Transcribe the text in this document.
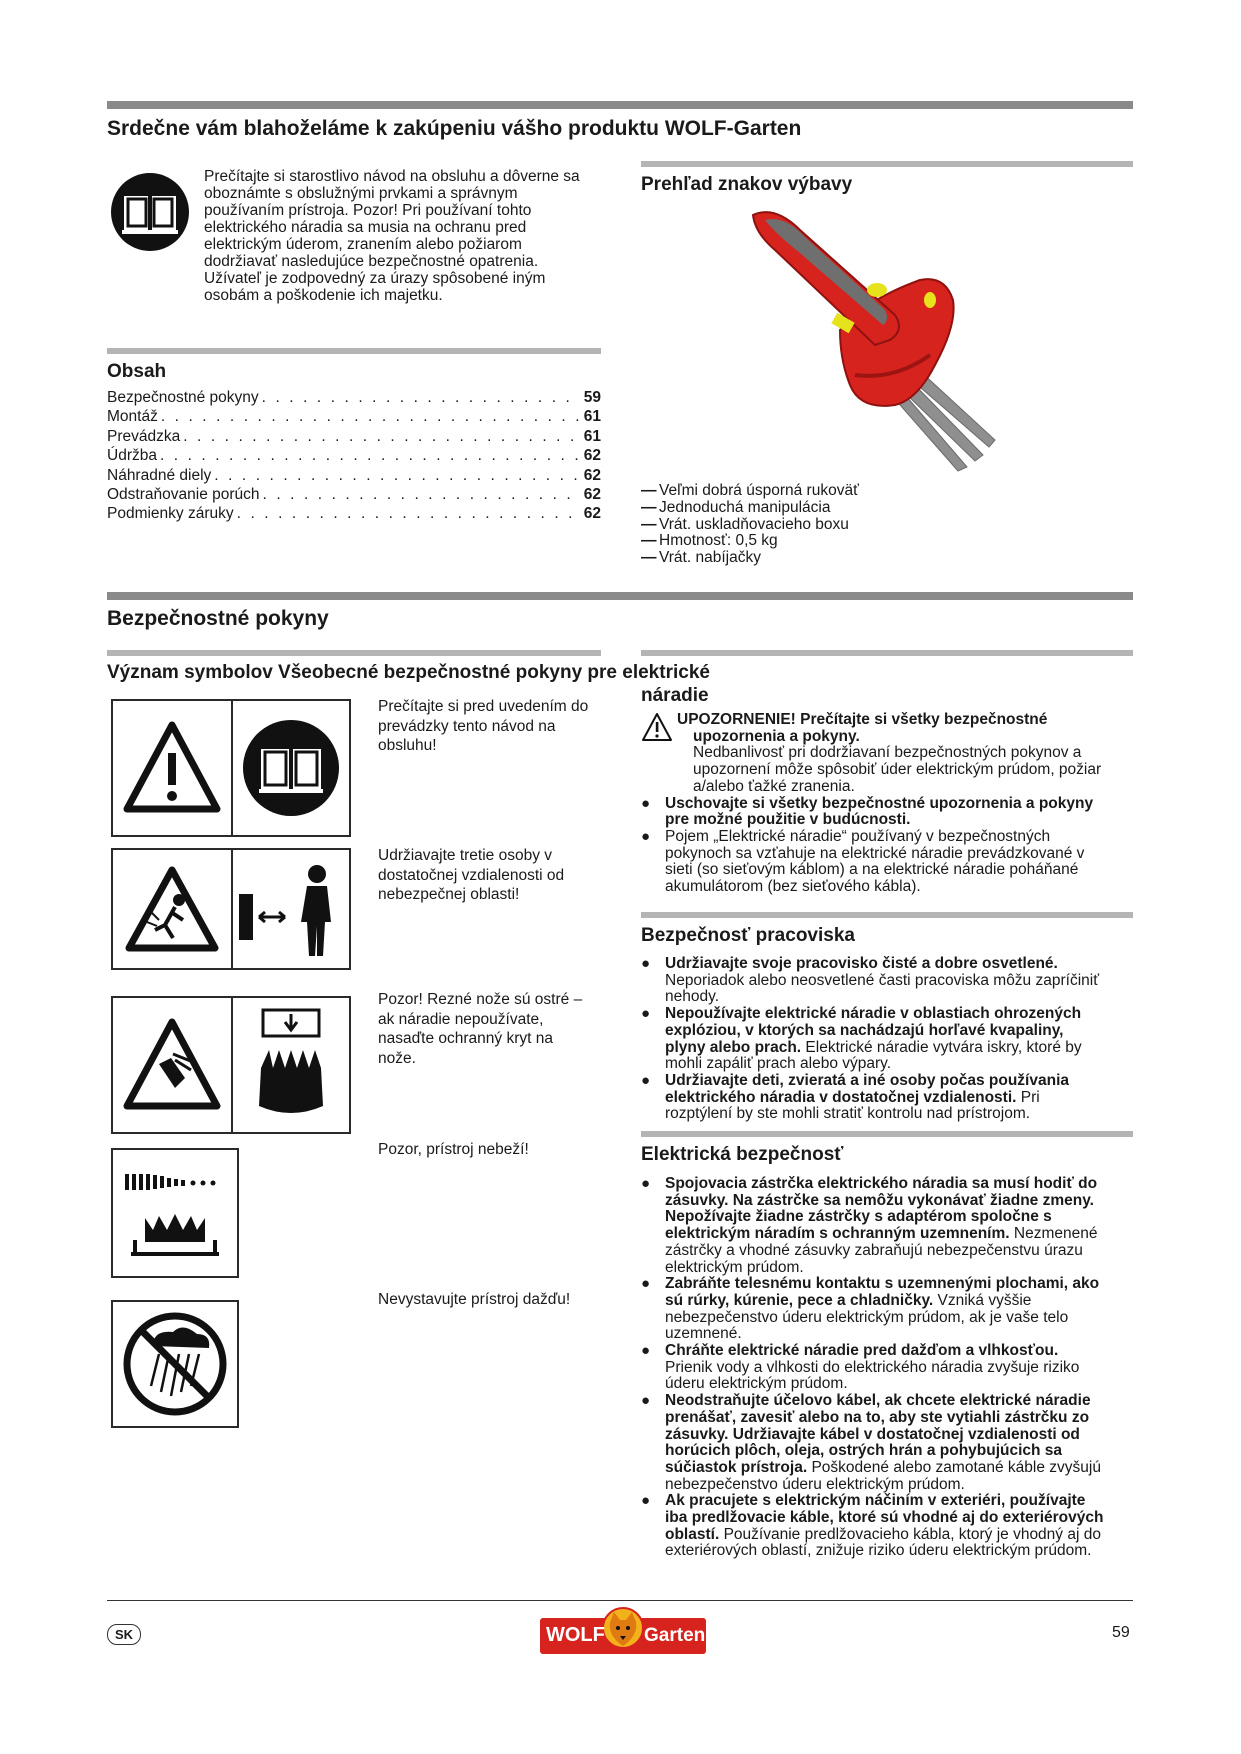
Srdečne vám blahoželáme k zakúpeniu vášho produktu WOLF-Garten
Prečítajte si starostlivo návod na obsluhu a dôverne sa
oboznámte s obslužnými prvkami a správnym
používaním prístroja. Pozor! Pri používaní tohto
elektrického náradia sa musia na ochranu pred
elektrickým úderom, zranením alebo požiarom
dodržiavať nasledujúce bezpečnostné opatrenia.
Užívateľ je zodpovedný za úrazy spôsobené iným
osobám a poškodenie ich majetku.
Prehľad znakov výbavy
— Veľmi dobrá úsporná rukoväť
— Jednoduchá manipulácia
— Vrát. uskladňovacieho boxu
— Hmotnosť: 0,5 kg
— Vrát. nabíjačky
Obsah
Bezpečnostné pokyny . . .	59
Montáž . . .	61
Prevádzka . . .	61
Údržba . . .	62
Náhradné diely . . .	62
Odstraňovanie porúch . . .	62
Podmienky záruky . . .	62
Bezpečnostné pokyny
Význam symbolov Všeobecné bezpečnostné pokyny pre elektrické
náradie
Prečítajte si pred uvedením do
prevádzky tento návod na
obsluhu!
Udržiavajte tretie osoby v
dostatočnej vzdialenosti od
nebezpečnej oblasti!
Pozor! Rezné nože sú ostré –
ak náradie nepoužívate,
nasaďte ochranný kryt na
nože.
Pozor, prístroj nebeží!
Nevystavujte prístroj dažďu!
UPOZORNENIE! Prečítajte si všetky bezpečnostné
upozornenia a pokyny.
Nedbanlivosť pri dodržiavaní bezpečnostných pokynov a
upozornení môže spôsobiť úder elektrickým prúdom, požiar
a/alebo ťažké zranenia.
● Uschovajte si všetky bezpečnostné upozornenia a pokyny
pre možné použitie v budúcnosti.
● Pojem „Elektrické náradie“ používaný v bezpečnostných
pokynoch sa vzťahuje na elektrické náradie prevádzkované v
sieti (so sieťovým káblom) a na elektrické náradie poháňané
akumulátorom (bez sieťového kábla).
Bezpečnosť pracoviska
● Udržiavajte svoje pracovisko čisté a dobre osvetlené.
Neporiadok alebo neosvetlené časti pracoviska môžu zapríčiniť
nehody.
● Nepoužívajte elektrické náradie v oblastiach ohrozených
explóziou, v ktorých sa nachádzajú horľavé kvapaliny,
plyny alebo prach. Elektrické náradie vytvára iskry, ktoré by
mohli zapáliť prach alebo výpary.
● Udržiavajte deti, zvieratá a iné osoby počas používania
elektrického náradia v dostatočnej vzdialenosti. Pri
rozptýlení by ste mohli stratiť kontrolu nad prístrojom.
Elektrická bezpečnosť
● Spojovacia zástrčka elektrického náradia sa musí hodiť do
zásuvky. Na zástrčke sa nemôžu vykonávať žiadne zmeny.
Nepožívajte žiadne zástrčky s adaptérom spoločne s
elektrickým náradím s ochranným uzemnením. Nezmenené
zástrčky a vhodné zásuvky zabraňujú nebezpečenstvu úrazu
elektrickým prúdom.
● Zabráňte telesnému kontaktu s uzemnenými plochami, ako
sú rúrky, kúrenie, pece a chladničky. Vzniká vyššie
nebezpečenstvo úderu elektrickým prúdom, ak je vaše telo
uzemnené.
● Chráňte elektrické náradie pred dažďom a vlhkosťou.
Prienik vody a vlhkosti do elektrického náradia zvyšuje riziko
úderu elektrickým prúdom.
● Neodstraňujte účelovo kábel, ak chcete elektrické náradie
prenášať, zavesiť alebo na to, aby ste vytiahli zástrčku zo
zásuvky. Udržiavajte kábel v dostatočnej vzdialenosti od
horúcich plôch, oleja, ostrých hrán a pohybujúcich sa
súčiastok prístroja. Poškodené alebo zamotané káble zvyšujú
nebezpečenstvo úderu elektrickým prúdom.
● Ak pracujete s elektrickým náčiním v exteriéri, používajte
iba predlžovacie káble, ktoré sú vhodné aj do exteriérových
oblastí. Používanie predlžovacieho kábla, ktorý je vhodný aj do
exteriérových oblastí, znižuje riziko úderu elektrickým prúdom.
SK	WOLF Garten	59
